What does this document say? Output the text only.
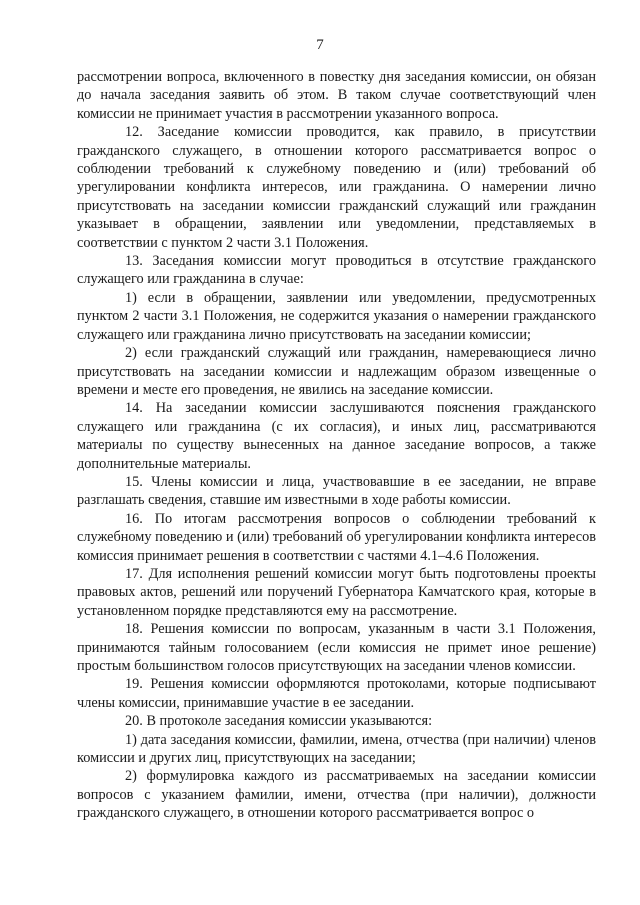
7

рассмотрении вопроса, включенного в повестку дня заседания комиссии, он обязан до начала заседания заявить об этом. В таком случае соответствующий член комиссии не принимает участия в рассмотрении указанного вопроса.

12. Заседание комиссии проводится, как правило, в присутствии гражданского служащего, в отношении которого рассматривается вопрос о соблюдении требований к служебному поведению и (или) требований об урегулировании конфликта интересов, или гражданина. О намерении лично присутствовать на заседании комиссии гражданский служащий или гражданин указывает в обращении, заявлении или уведомлении, представляемых в соответствии с пунктом 2 части 3.1 Положения.

13. Заседания комиссии могут проводиться в отсутствие гражданского служащего или гражданина в случае:

1) если в обращении, заявлении или уведомлении, предусмотренных пунктом 2 части 3.1 Положения, не содержится указания о намерении гражданского служащего или гражданина лично присутствовать на заседании комиссии;

2) если гражданский служащий или гражданин, намеревающиеся лично присутствовать на заседании комиссии и надлежащим образом извещенные о времени и месте его проведения, не явились на заседание комиссии.

14. На заседании комиссии заслушиваются пояснения гражданского служащего или гражданина (с их согласия), и иных лиц, рассматриваются материалы по существу вынесенных на данное заседание вопросов, а также дополнительные материалы.

15. Члены комиссии и лица, участвовавшие в ее заседании, не вправе разглашать сведения, ставшие им известными в ходе работы комиссии.

16. По итогам рассмотрения вопросов о соблюдении требований к служебному поведению и (или) требований об урегулировании конфликта интересов комиссия принимает решения в соответствии с частями 4.1–4.6 Положения.

17. Для исполнения решений комиссии могут быть подготовлены проекты правовых актов, решений или поручений Губернатора Камчатского края, которые в установленном порядке представляются ему на рассмотрение.

18. Решения комиссии по вопросам, указанным в части 3.1 Положения, принимаются тайным голосованием (если комиссия не примет иное решение) простым большинством голосов присутствующих на заседании членов комиссии.

19. Решения комиссии оформляются протоколами, которые подписывают члены комиссии, принимавшие участие в ее заседании.

20. В протоколе заседания комиссии указываются:

1) дата заседания комиссии, фамилии, имена, отчества (при наличии) членов комиссии и других лиц, присутствующих на заседании;

2) формулировка каждого из рассматриваемых на заседании комиссии вопросов с указанием фамилии, имени, отчества (при наличии), должности гражданского служащего, в отношении которого рассматривается вопрос о
